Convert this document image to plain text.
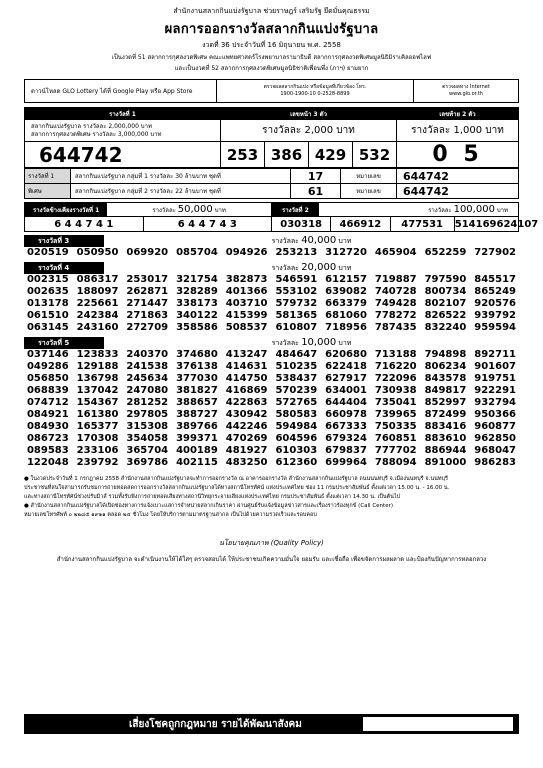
สำนักงานสลากกินแบ่งรัฐบาล ช่วยราษฎร์ เสริมรัฐ ยึดมั่นคุณธรรม
ผลการออกรางวัลสลากกินแบ่งรัฐบาล
งวดที่ 36 ประจำวันที่ 16 มิถุนายน พ.ศ. 2558
เป็นงวดที่ 51 สลากการกุศลงวดพิเศษ คณะแพทยศาสตร์โรงพยาบาลรามาธิบดี สลากการกุศลงวดพิเศษมูลนิธิมิราเคิลออฟไลฟ
และเป็นงวดที่ 52 สลากการกุศลงวดพิเศษมูลนิธิชาติเพื่อนพึ่ง (ภาฯ) ยามยาก
ดาวน์โหลด GLO Lottery ได้ที่ Google Play หรือ App Store
ตรวจผลสลากกินแบ่ง หรือข้อมูลที่เกี่ยวข้อง โทร.
1900-1900-10 0-2528-8899
ตรวจผลทาง Internet
www.glo.or.th
รางวัลที่ 1	เลขหน้า 3 ตัว				เลขท้าย 2 ตัว

สลากกินแบ่งรัฐบาล รางวัลละ 2,000,000 บาท
สลากการกุศลงวดพิเศษ รางวัลละ 3,000,000 บาท	รางวัลละ 2,000 บาท				รางวัลละ 1,000 บาท
644742	253	386	429	532	0 5
รางวัลที่ 1	สลากกินแบ่งรัฐบาล กลุ่มที่ 1 รางวัลละ 30 ล้านบาท ชุดที่	17	หมายเลข	644742
พิเศษ	สลากกินแบ่งรัฐบาล กลุ่มที่ 2 รางวัลละ 22 ล้านบาท ชุดที่	61	หมายเลข	644742
รางวัลข้างเคียงรางวัลที่ 1 รางวัลละ 50,000 บาท		รางวัลที่ 2 รางวัลละ 100,000 บาท			

6 4 4 7 4 1	6 4 4 7 4 3	030318	466912	477531	514169 624107
รางวัลที่ 3	รางวัลละ 40,000 บาท
020519 050950 069920 085704 094926 253213 312720 465904 652259 727902
รางวัลที่ 4	รางวัลละ 20,000 บาท
002315 086317 253017 321754 382873 546591 612157 719887 797590 845517
002635 188097 262871 328289 401366 553102 639082 740728 800734 865249
013178 225661 271447 338173 403710 579732 663379 749428 802107 920576
061510 242384 271863 340122 415399 581365 681060 778272 826522 939792
063145 243160 272709 358586 508537 610807 718956 787435 832240 959594
รางวัลที่ 5	รางวัลละ 10,000 บาท
037146 123833 240370 374680 413247 484647 620680 713188 794898 892711
049286 129188 241538 376138 414631 510235 622418 716220 806234 901607
056850 136798 245634 377030 414750 538437 627917 722096 843578 919751
068839 137042 247080 381827 416869 570239 634001 730938 849817 922291
074712 154367 281252 388657 422863 572765 644404 735041 852997 932794
084921 161380 297805 388727 430942 580583 660978 739965 872499 950366
084930 165377 315308 389766 442246 594984 667333 750335 883416 960877
086723 170308 354058 399371 470269 604596 679324 760851 883610 962850
089583 233106 365704 400189 481927 610303 679837 777702 886944 968047
122048 239792 369786 402115 483250 612360 699964 788094 891000 986283
● ในงวดประจำวันที่ 1 กรกฎาคม 2558 สำนักงานสลากกินแบ่งรัฐบาลจะทำการออกรางวัล ณ อาคารออกรางวัล สำนักงานสลากกินแบ่งรัฐบาล ถนนนนทบุรี จ.เมืองนนทบุรี จ.นนทบุรี
ประชาชนที่สนใจสามารถรับชมการถ่ายทอดสดการออกรางวัลสลากกินแบ่งรัฐบาลได้ทางสถานีโทรทัศน์ แห่งประเทศไทย ช่อง 11 กรมประชาสัมพันธ์ ตั้งแต่เวลา 15.00 น. - 16.00 น.
และทางสถานีโทรทัศน์ช่วงปรับมิวส์ รวมทั้งรับฟังการถ่ายทอดเสียงทางสถานีวิทยุกระจายเสียงแห่งประเทศไทย กรมประชาสัมพันธ์ ตั้งแต่เวลา 14.30 น. เป็นต้นไป
● สำนักงานสลากกินแบ่งรัฐบาลได้เปิดช่องทางการแจ้งเบาะแสการจำหน่ายสลากเกินราคา ผ่านศูนย์รับแจ้งข้อมูลข่าวสารและเรื่องราวร้องทุกข์ (Call Center)
หมายเลขโทรศัพท์ ๐ ๒๒๘๕ ๑๙๑๑ ตลอด ๒๔ ชั่วโมง โดยให้บริการตามมาตรฐานสากล เป็นไปด้วยความรวดเร็วและรอบคอบ
นโยบายคุณภาพ (Quality Policy)
สำนักงานสลากกินแบ่งรัฐบาล จะดำเนินงานให้ได้ใสๆ ตรวจสอบได้ ให้ประชาชนเกิดความมั่นใจ ยอมรับ และเชื่อถือ เพื่อขจัดการผลผลาด และป้องกันปัญหาการหลอกลวง
เสี่ยงโชคถูกกฎหมาย รายได้พัฒนาสังคม
